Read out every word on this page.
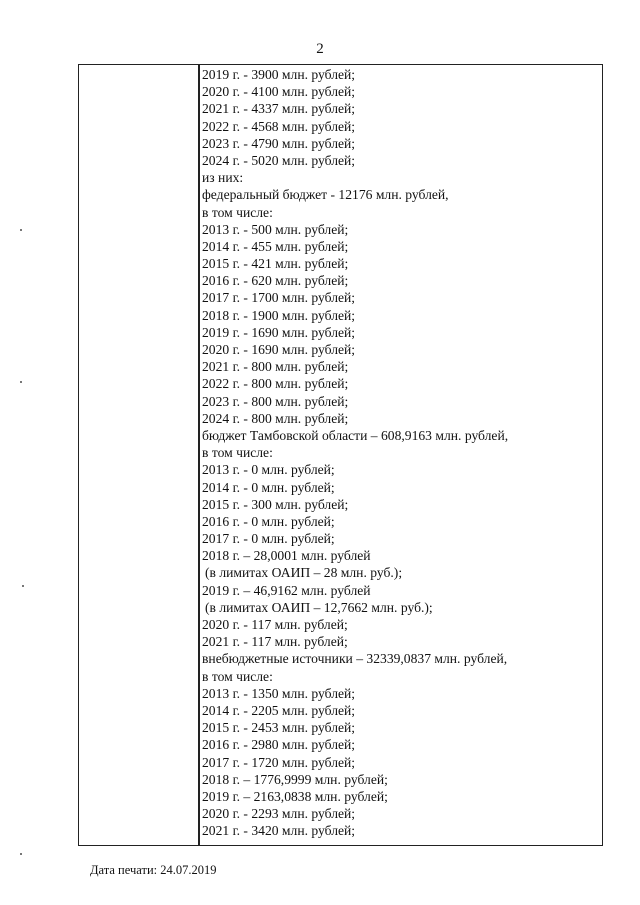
2
2019 г. - 3900 млн. рублей;
2020 г. - 4100 млн. рублей;
2021 г. - 4337 млн. рублей;
2022 г. - 4568 млн. рублей;
2023 г. - 4790 млн. рублей;
2024 г. - 5020 млн. рублей;
из них:
федеральный бюджет - 12176 млн. рублей,
в том числе:
2013 г. - 500 млн. рублей;
2014 г. - 455 млн. рублей;
2015 г. - 421 млн. рублей;
2016 г. - 620 млн. рублей;
2017 г. - 1700 млн. рублей;
2018 г. - 1900 млн. рублей;
2019 г. - 1690 млн. рублей;
2020 г. - 1690 млн. рублей;
2021 г. - 800 млн. рублей;
2022 г. - 800 млн. рублей;
2023 г. - 800 млн. рублей;
2024 г. - 800 млн. рублей;
бюджет Тамбовской области – 608,9163 млн. рублей,
в том числе:
2013 г. - 0 млн. рублей;
2014 г. - 0 млн. рублей;
2015 г. - 300 млн. рублей;
2016 г. - 0 млн. рублей;
2017 г. - 0 млн. рублей;
2018 г. – 28,0001 млн. рублей
(в лимитах ОАИП – 28 млн. руб.);
2019 г. – 46,9162 млн. рублей
(в лимитах ОАИП – 12,7662 млн. руб.);
2020 г. - 117 млн. рублей;
2021 г. - 117 млн. рублей;
внебюджетные источники – 32339,0837 млн. рублей,
в том числе:
2013 г. - 1350 млн. рублей;
2014 г. - 2205 млн. рублей;
2015 г. - 2453 млн. рублей;
2016 г. - 2980 млн. рублей;
2017 г. - 1720 млн. рублей;
2018 г. – 1776,9999 млн. рублей;
2019 г. – 2163,0838 млн. рублей;
2020 г. - 2293 млн. рублей;
2021 г. - 3420 млн. рублей;
Дата печати: 24.07.2019
